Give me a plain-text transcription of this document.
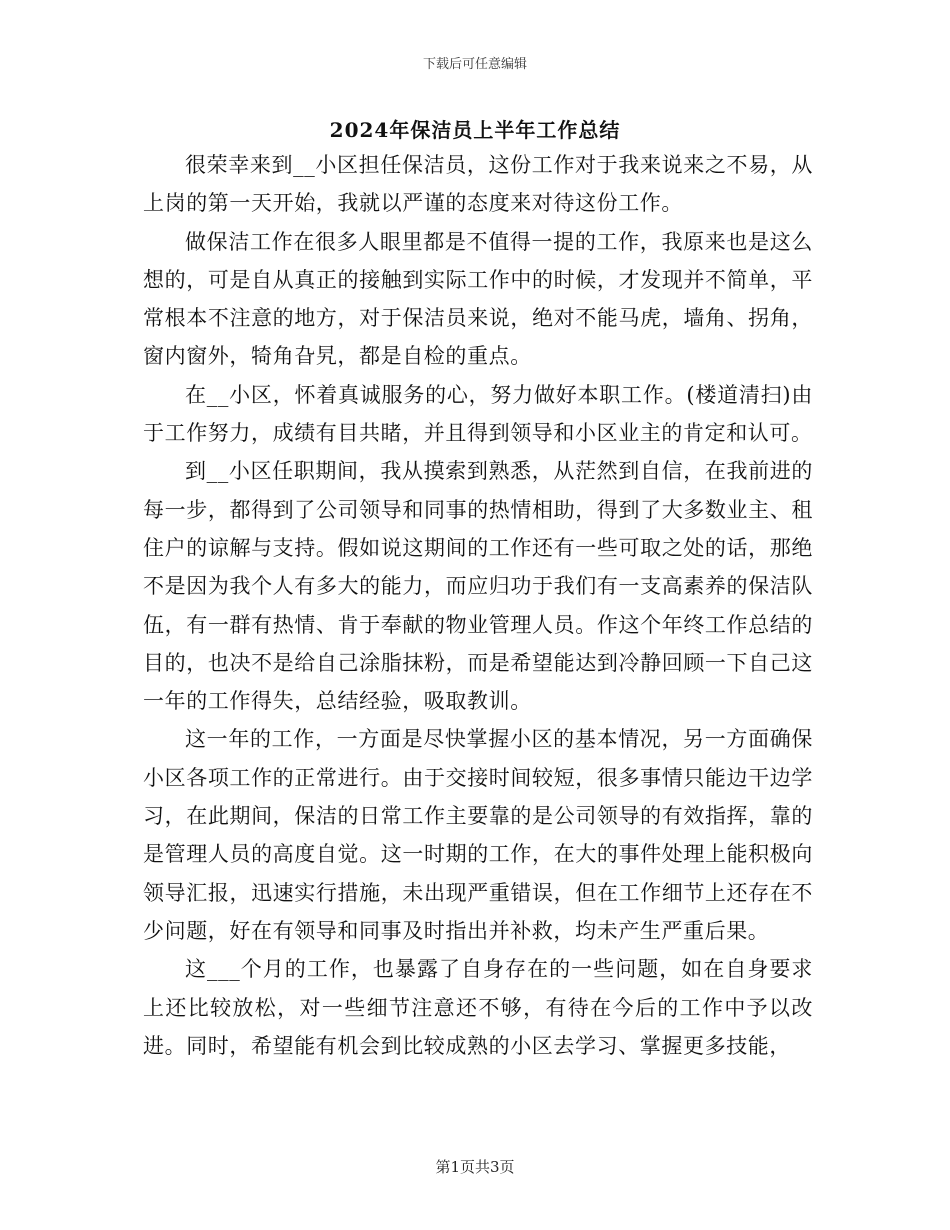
下载后可任意编辑
2024年保洁员上半年工作总结

很荣幸来到__小区担任保洁员，这份工作对于我来说来之不易，从上岗的第一天开始，我就以严谨的态度来对待这份工作。

做保洁工作在很多人眼里都是不值得一提的工作，我原来也是这么想的，可是自从真正的接触到实际工作中的时候，才发现并不简单，平常根本不注意的地方，对于保洁员来说，绝对不能马虎，墙角、拐角，窗内窗外，犄角旮旯，都是自检的重点。

在__小区，怀着真诚服务的心，努力做好本职工作。(楼道清扫)由于工作努力，成绩有目共睹，并且得到领导和小区业主的肯定和认可。

到__小区任职期间，我从摸索到熟悉，从茫然到自信，在我前进的每一步，都得到了公司领导和同事的热情相助，得到了大多数业主、租住户的谅解与支持。假如说这期间的工作还有一些可取之处的话，那绝不是因为我个人有多大的能力，而应归功于我们有一支高素养的保洁队伍，有一群有热情、肯于奉献的物业管理人员。作这个年终工作总结的目的，也决不是给自己涂脂抹粉，而是希望能达到冷静回顾一下自己这一年的工作得失，总结经验，吸取教训。

这一年的工作，一方面是尽快掌握小区的基本情况，另一方面确保小区各项工作的正常进行。由于交接时间较短，很多事情只能边干边学习，在此期间，保洁的日常工作主要靠的是公司领导的有效指挥，靠的是管理人员的高度自觉。这一时期的工作，在大的事件处理上能积极向领导汇报，迅速实行措施，未出现严重错误，但在工作细节上还存在不少问题，好在有领导和同事及时指出并补救，均未产生严重后果。

这___个月的工作，也暴露了自身存在的一些问题，如在自身要求上还比较放松，对一些细节注意还不够，有待在今后的工作中予以改进。同时，希望能有机会到比较成熟的小区去学习、掌握更多技能，

第1页共3页
